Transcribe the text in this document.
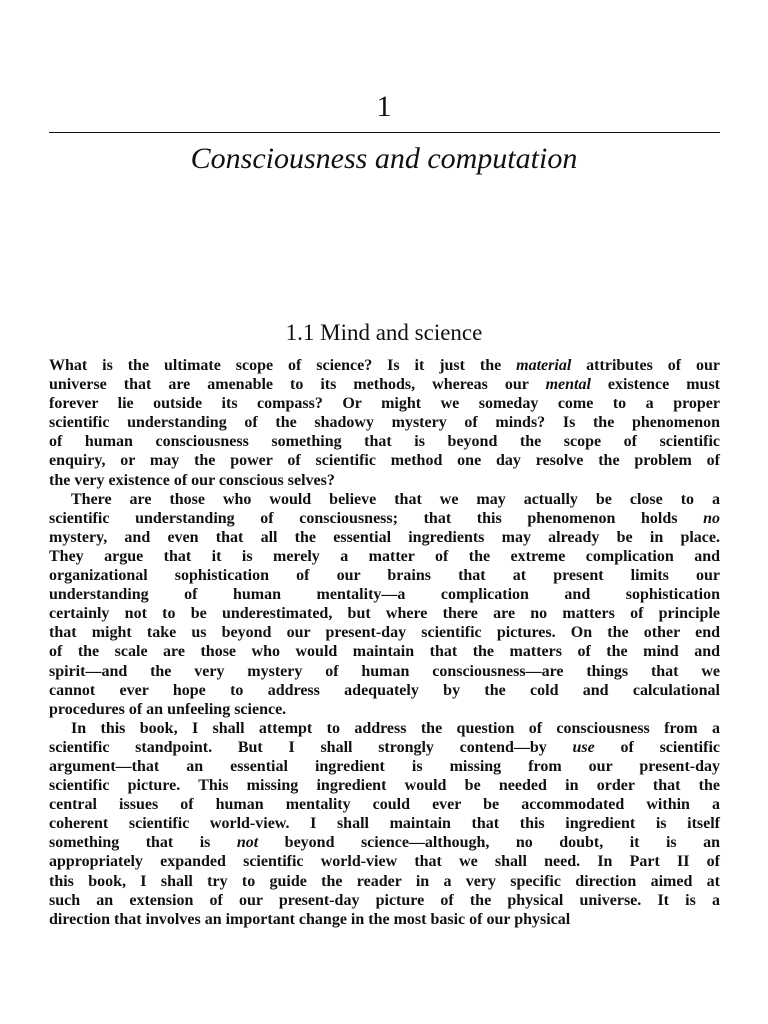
1
Consciousness and computation
1.1 Mind and science

What is the ultimate scope of science? Is it just the material attributes of our
universe that are amenable to its methods, whereas our mental existence must
forever lie outside its compass? Or might we someday come to a proper
scientific understanding of the shadowy mystery of minds? Is the phenomenon
of human consciousness something that is beyond the scope of scientific
enquiry, or may the power of scientific method one day resolve the problem of
the very existence of our conscious selves?

There are those who would believe that we may actually be close to a
scientific understanding of consciousness; that this phenomenon holds no
mystery, and even that all the essential ingredients may already be in place.
They argue that it is merely a matter of the extreme complication and
organizational sophistication of our brains that at present limits our
understanding of human mentality—a complication and sophistication
certainly not to be underestimated, but where there are no matters of principle
that might take us beyond our present-day scientific pictures. On the other end
of the scale are those who would maintain that the matters of the mind and
spirit—and the very mystery of human consciousness—are things that we
cannot ever hope to address adequately by the cold and calculational
procedures of an unfeeling science.

In this book, I shall attempt to address the question of consciousness from a
scientific standpoint. But I shall strongly contend—by use of scientific
argument—that an essential ingredient is missing from our present-day
scientific picture. This missing ingredient would be needed in order that the
central issues of human mentality could ever be accommodated within a
coherent scientific world-view. I shall maintain that this ingredient is itself
something that is not beyond science—although, no doubt, it is an
appropriately expanded scientific world-view that we shall need. In Part II of
this book, I shall try to guide the reader in a very specific direction aimed at
such an extension of our present-day picture of the physical universe. It is a
direction that involves an important change in the most basic of our physical
